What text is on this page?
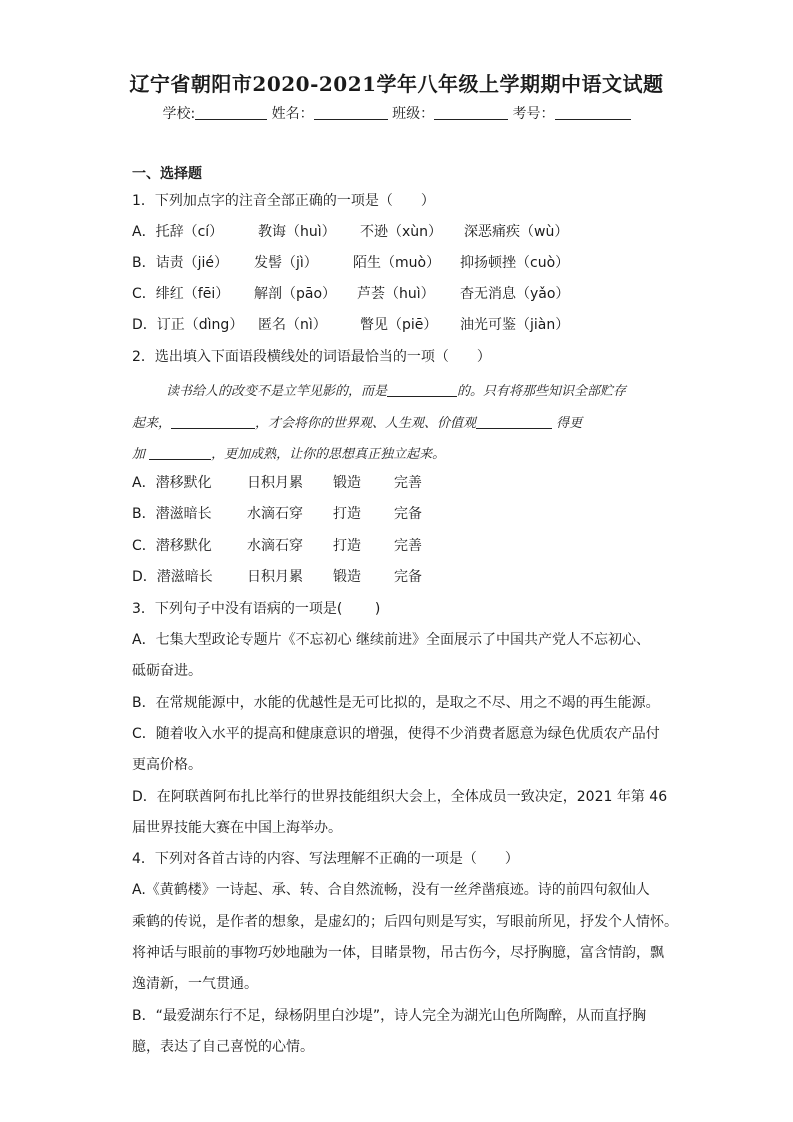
辽宁省朝阳市2020-2021学年八年级上学期期中语文试题
学校:	姓名：	班级：	考号：
一、选择题
1．下列加点字的注音全部正确的一项是（　　）
A．托辞（cí） 教诲（huì） 不逊（xùn） 深恶痛疾（wù）
B．诘责（jié） 发髻（jì）	陌生（muò） 抑扬顿挫（cuò）
C．绯红（fēi） 解剖（pāo） 芦荟（huì） 杳无消息（yǎo）
D．订正（dìng） 匿名（nì） 瞥见（piē） 油光可鉴（jiàn）
2．选出填入下面语段横线处的词语最恰当的一项（　　）
读书给人的改变不是立竿见影的，而是	的。只有将那些知识全部贮存
起来，	，才会将你的世界观、人生观、价值观	得更
加	，更加成熟，让你的思想真正独立起来。
A．潜移默化	日积月累 锻造 完善
B．潜滋暗长	水滴石穿 打造 完备
C．潜移默化	水滴石穿 打造 完善
D．潜滋暗长 日积月累 锻造 完备
3．下列句子中没有语病的一项是(　　 )
A．七集大型政论专题片《不忘初心 继续前进》全面展示了中国共产党人不忘初心、
砥砺奋进。
B．在常规能源中，水能的优越性是无可比拟的，是取之不尽、用之不竭的再生能源。
C．随着收入水平的提高和健康意识的增强，使得不少消费者愿意为绿色优质农产品付
更高价格。
D．在阿联酋阿布扎比举行的世界技能组织大会上，全体成员一致决定，2021 年第 46
届世界技能大赛在中国上海举办。
4．下列对各首古诗的内容、写法理解不正确的一项是（　　）
A.《黄鹤楼》一诗起、承、转、合自然流畅，没有一丝斧凿痕迹。诗的前四句叙仙人
乘鹤的传说，是作者的想象，是虚幻的；后四句则是写实，写眼前所见，抒发个人情怀。
将神话与眼前的事物巧妙地融为一体，目睹景物，吊古伤今，尽抒胸臆，富含情韵，飘
逸清新，一气贯通。
B．“最爱湖东行不足，绿杨阴里白沙堤”，诗人完全为湖光山色所陶醉，从而直抒胸
臆，表达了自己喜悦的心情。
